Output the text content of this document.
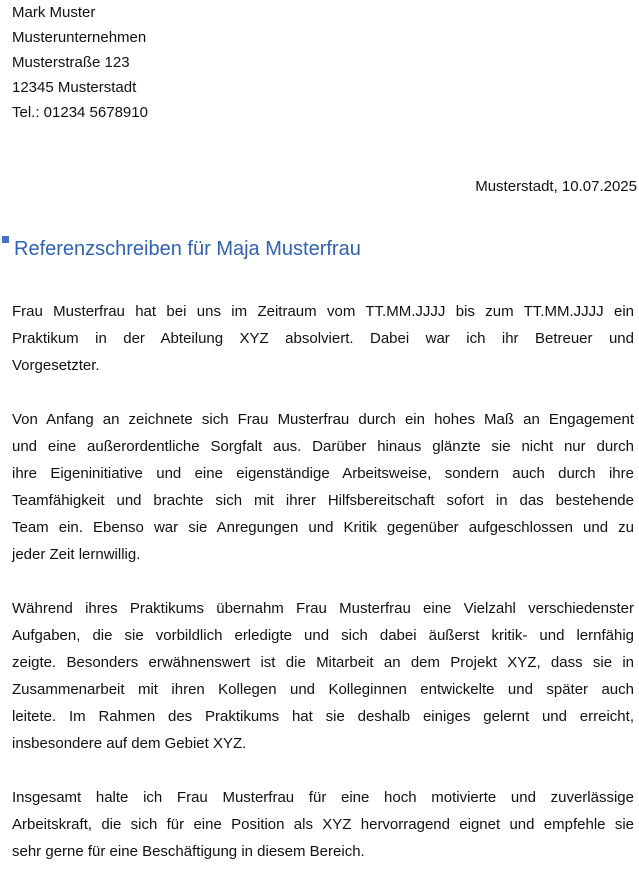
Mark Muster
Musterunternehmen
Musterstraße 123
12345 Musterstadt
Tel.: 01234 5678910
Musterstadt, 10.07.2025
Referenzschreiben für Maja Musterfrau

Frau Musterfrau hat bei uns im Zeitraum vom TT.MM.JJJJ bis zum TT.MM.JJJJ ein
Praktikum in der Abteilung XYZ absolviert. Dabei war ich ihr Betreuer und
Vorgesetzter.

Von Anfang an zeichnete sich Frau Musterfrau durch ein hohes Maß an Engagement
und eine außerordentliche Sorgfalt aus. Darüber hinaus glänzte sie nicht nur durch
ihre Eigeninitiative und eine eigenständige Arbeitsweise, sondern auch durch ihre
Teamfähigkeit und brachte sich mit ihrer Hilfsbereitschaft sofort in das bestehende
Team ein. Ebenso war sie Anregungen und Kritik gegenüber aufgeschlossen und zu
jeder Zeit lernwillig.

Während ihres Praktikums übernahm Frau Musterfrau eine Vielzahl verschiedenster
Aufgaben, die sie vorbildlich erledigte und sich dabei äußerst kritik- und lernfähig
zeigte. Besonders erwähnenswert ist die Mitarbeit an dem Projekt XYZ, dass sie in
Zusammenarbeit mit ihren Kollegen und Kolleginnen entwickelte und später auch
leitete. Im Rahmen des Praktikums hat sie deshalb einiges gelernt und erreicht,
insbesondere auf dem Gebiet XYZ.

Insgesamt halte ich Frau Musterfrau für eine hoch motivierte und zuverlässige
Arbeitskraft, die sich für eine Position als XYZ hervorragend eignet und empfehle sie
sehr gerne für eine Beschäftigung in diesem Bereich.
